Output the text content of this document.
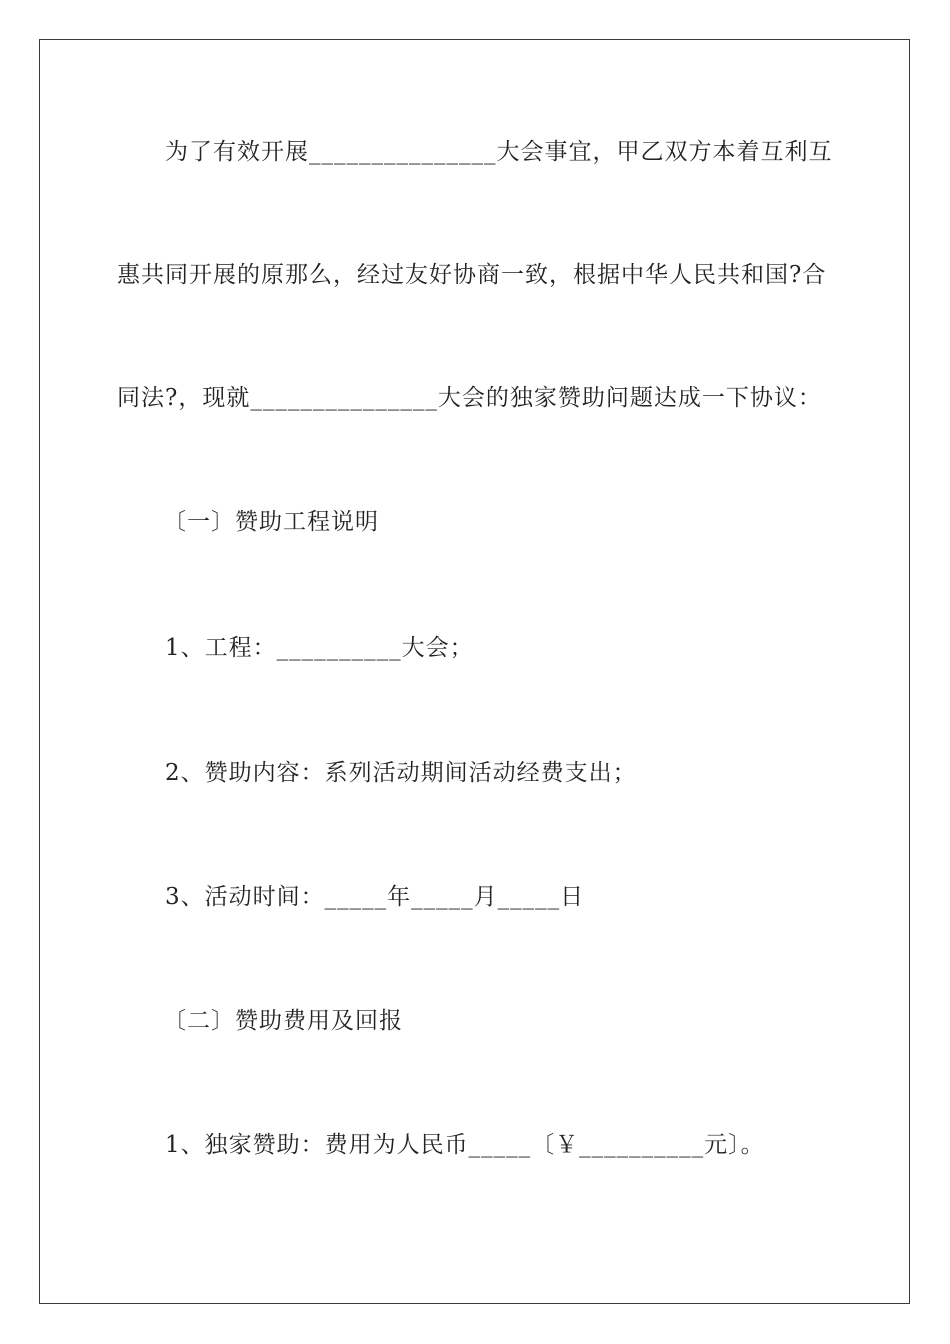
为了有效开展_______________大会事宜，甲乙双方本着互利互
惠共同开展的原那么，经过友好协商一致，根据中华人民共和国?合
同法?，现就_______________大会的独家赞助问题达成一下协议：
〔一〕赞助工程说明
1、工程：__________大会；
2、赞助内容：系列活动期间活动经费支出；
3、活动时间：_____年_____月_____日
〔二〕赞助费用及回报
1、独家赞助：费用为人民币_____〔￥__________元〕。
